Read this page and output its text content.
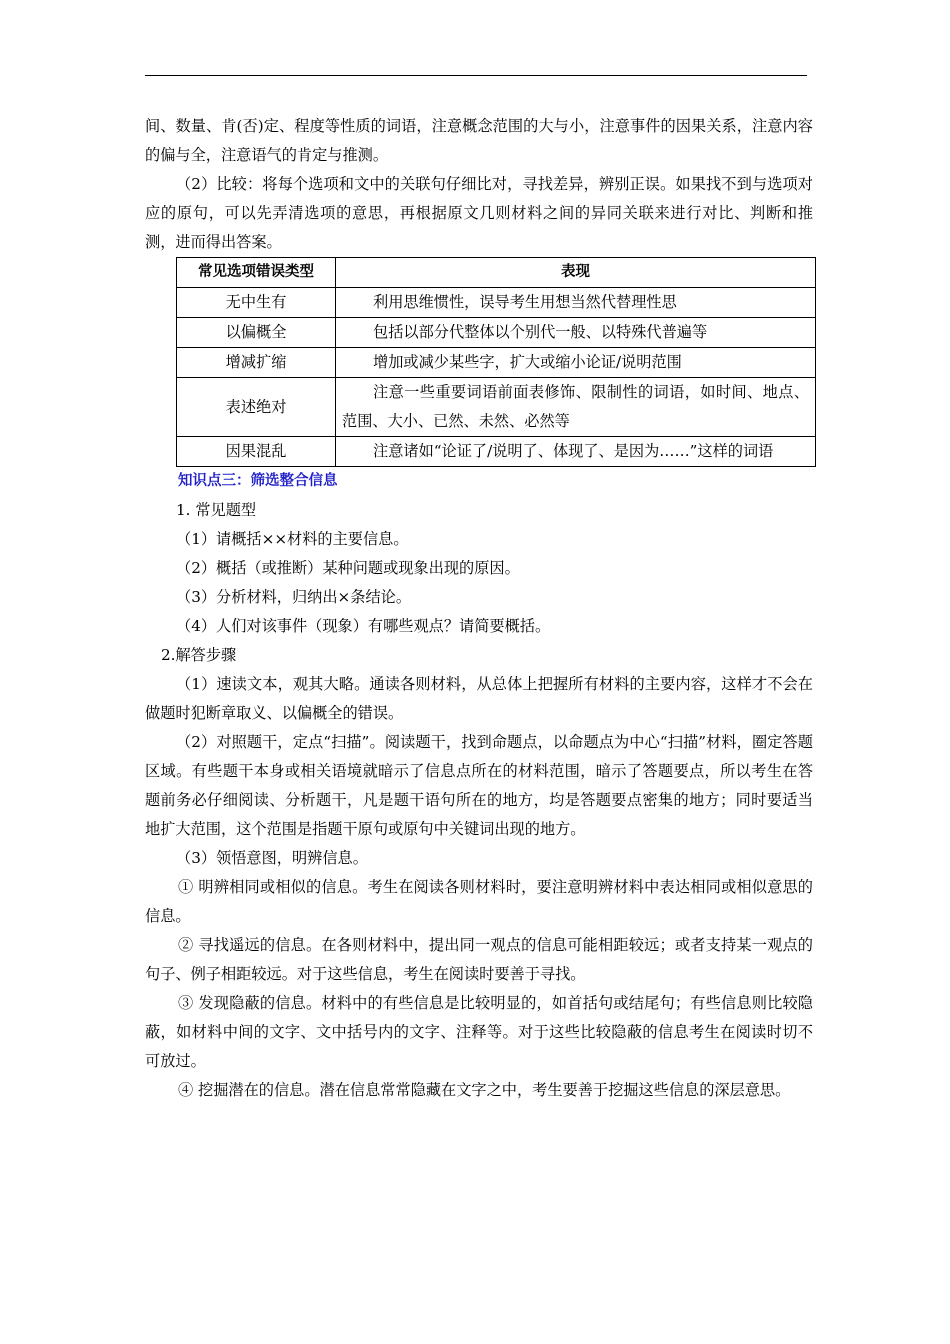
间、数量、肯(否)定、程度等性质的词语，注意概念范围的大与小，注意事件的因果关系，注意内容的偏与全，注意语气的肯定与推测。

（2）比较：将每个选项和文中的关联句仔细比对，寻找差异，辨别正误。如果找不到与选项对应的原句，可以先弄清选项的意思，再根据原文几则材料之间的异同关联来进行对比、判断和推测，进而得出答案。

常见选项错误类型	表现
无中生有	利用思维惯性，误导考生用想当然代替理性思
以偏概全	包括以部分代整体以个别代一般、以特殊代普遍等
增减扩缩	增加或减少某些字，扩大或缩小论证/说明范围
表述绝对	注意一些重要词语前面表修饰、限制性的词语，如时间、地点、范围、大小、已然、未然、必然等
因果混乱	注意诸如“论证了/说明了、体现了、是因为……”这样的词语

知识点三：筛选整合信息

1. 常见题型

（1）请概括××材料的主要信息。

（2）概括（或推断）某种问题或现象出现的原因。

（3）分析材料，归纳出×条结论。

（4）人们对该事件（现象）有哪些观点？请简要概括。

2.解答步骤

（1）速读文本，观其大略。通读各则材料，从总体上把握所有材料的主要内容，这样才不会在做题时犯断章取义、以偏概全的错误。

（2）对照题干，定点“扫描”。阅读题干，找到命题点，以命题点为中心“扫描”材料，圈定答题区域。有些题干本身或相关语境就暗示了信息点所在的材料范围，暗示了答题要点，所以考生在答题前务必仔细阅读、分析题干，凡是题干语句所在的地方，均是答题要点密集的地方；同时要适当地扩大范围，这个范围是指题干原句或原句中关键词出现的地方。

（3）领悟意图，明辨信息。

① 明辨相同或相似的信息。考生在阅读各则材料时，要注意明辨材料中表达相同或相似意思的信息。

② 寻找遥远的信息。在各则材料中，提出同一观点的信息可能相距较远；或者支持某一观点的句子、例子相距较远。对于这些信息，考生在阅读时要善于寻找。

③ 发现隐蔽的信息。材料中的有些信息是比较明显的，如首括句或结尾句；有些信息则比较隐蔽，如材料中间的文字、文中括号内的文字、注释等。对于这些比较隐蔽的信息考生在阅读时切不可放过。

④ 挖掘潜在的信息。潜在信息常常隐藏在文字之中，考生要善于挖掘这些信息的深层意思。
